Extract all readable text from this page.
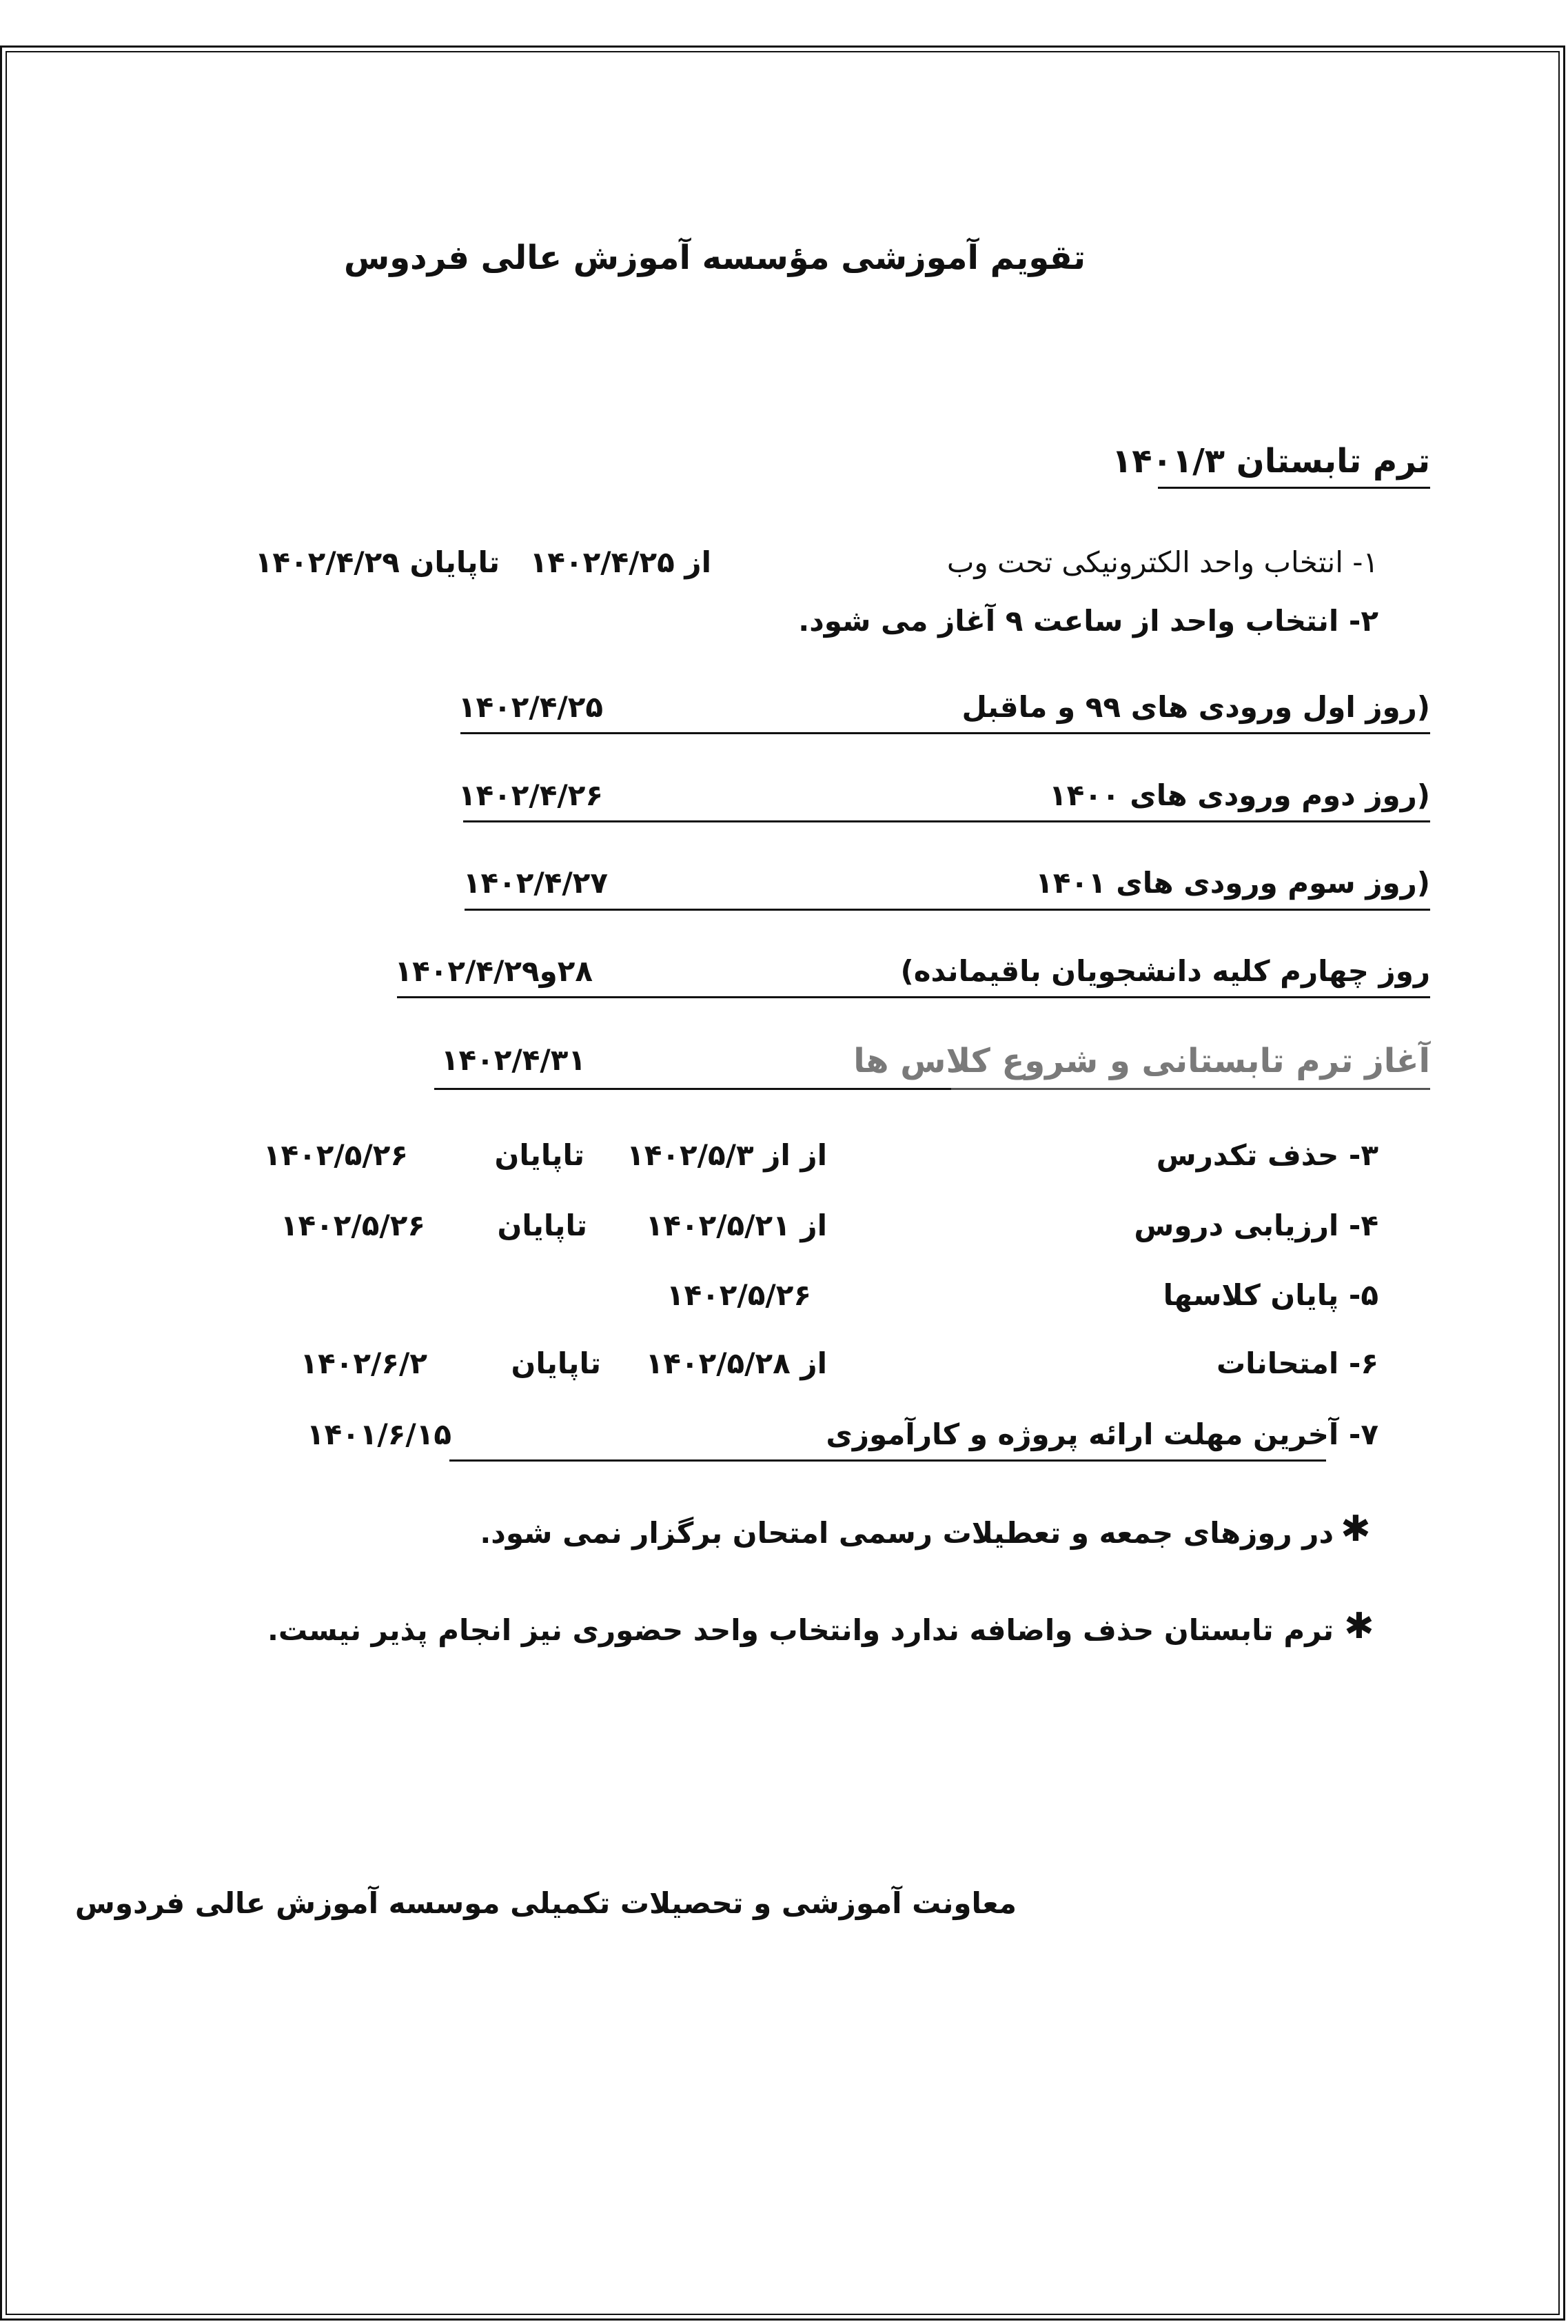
تقویم آموزشی مؤسسه آموزش عالی فردوس
ترم تابستان ۱۴۰۱/۳
۱- انتخاب واحد الکترونیکی تحت وب
از ۱۴۰۲/۴/۲۵
تاپایان ۱۴۰۲/۴/۲۹
۲- انتخاب واحد از ساعت ۹ آغاز می شود.
(روز اول ورودی های ۹۹ و ماقبل
۱۴۰۲/۴/۲۵
(روز دوم ورودی های ۱۴۰۰
۱۴۰۲/۴/۲۶
(روز سوم ورودی های ۱۴۰۱
۱۴۰۲/۴/۲۷
روز چهارم کلیه دانشجویان باقیمانده)
۲۸و۱۴۰۲/۴/۲۹
آغاز ترم تابستانی و شروع کلاس ها
۱۴۰۲/۴/۳۱
۳- حذف تکدرس
از از ۱۴۰۲/۵/۳
تاپایان
۱۴۰۲/۵/۲۶
۴- ارزیابی دروس
از ۱۴۰۲/۵/۲۱
تاپایان
۱۴۰۲/۵/۲۶
۵- پایان کلاسها
۱۴۰۲/۵/۲۶
۶- امتحانات
از ۱۴۰۲/۵/۲۸
تاپایان
۱۴۰۲/۶/۲
۷- آخرین مهلت ارائه پروژه و کارآموزی
۱۴۰۱/۶/۱۵
✱
در روزهای جمعه و تعطیلات رسمی امتحان برگزار نمی شود.
✱
ترم تابستان حذف واضافه ندارد وانتخاب واحد حضوری نیز انجام پذیر نیست.
معاونت آموزشی و تحصیلات تکمیلی موسسه آموزش عالی فردوس
